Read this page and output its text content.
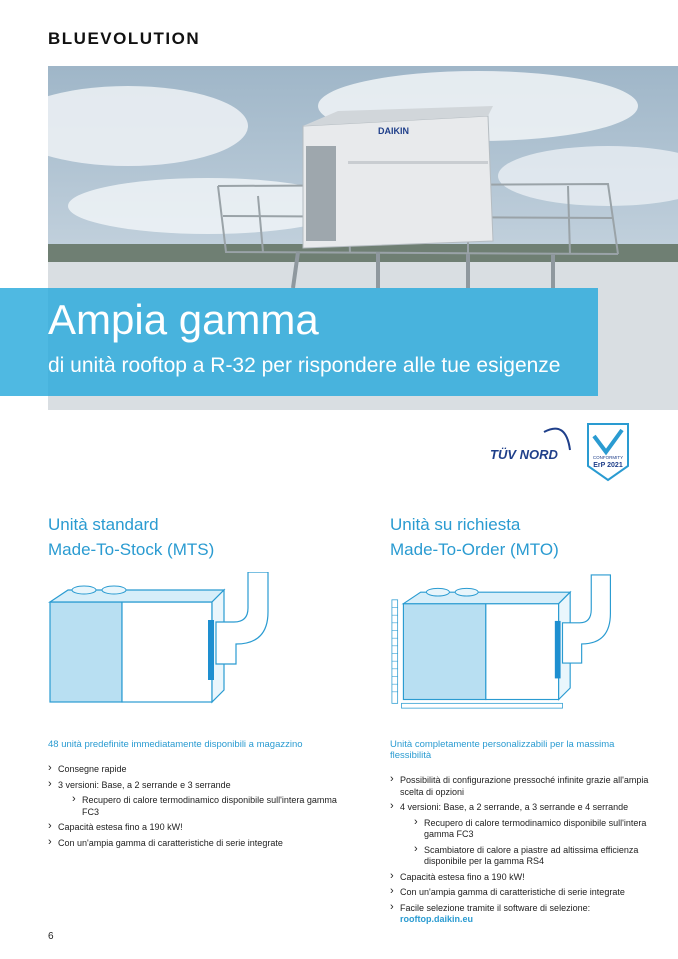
BLUEVOLUTION
DAIKIN
Ampia gamma
di unità rooftop a R-32 per rispondere alle tue esigenze
TÜV NORD	CONFORMITY
ErP 2021
Unità standard
Made-To-Stock (MTS)
48 unità predefinite immediatamente disponibili a magazzino
› Consegne rapide
› 3 versioni: Base, a 2 serrande e 3 serrande
› Recupero di calore termodinamico disponibile sull'intera gamma FC3
› Capacità estesa fino a 190 kW!
› Con un'ampia gamma di caratteristiche di serie integrate
Unità su richiesta
Made-To-Order (MTO)
Unità completamente personalizzabili per la massima flessibilità
› Possibilità di configurazione pressoché infinite grazie all'ampia scelta di opzioni
› 4 versioni: Base, a 2 serrande, a 3 serrande e 4 serrande
› Recupero di calore termodinamico disponibile sull'intera gamma FC3
› Scambiatore di calore a piastre ad altissima efficienza disponibile per la gamma RS4
› Capacità estesa fino a 190 kW!
› Con un'ampia gamma di caratteristiche di serie integrate
› Facile selezione tramite il software di selezione:
rooftop.daikin.eu
6
